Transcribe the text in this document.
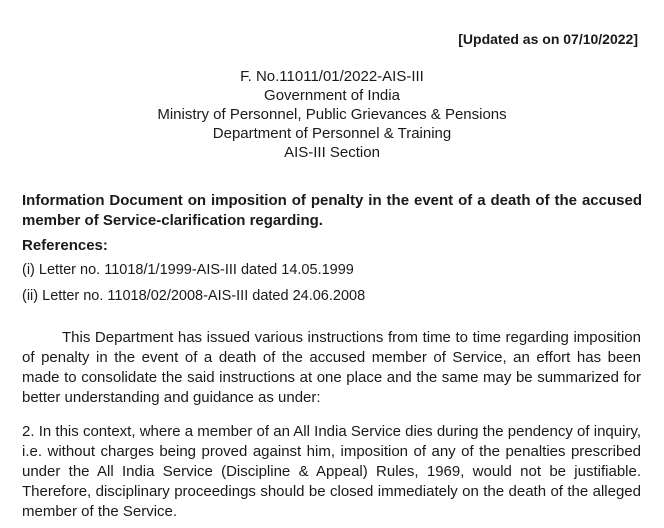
[Updated as on 07/10/2022]

F. No.11011/01/2022-AIS-III
Government of India
Ministry of Personnel, Public Grievances & Pensions
Department of Personnel & Training
AIS-III Section

Information Document on imposition of penalty in the event of a death of the accused member of Service-clarification regarding.

References:

(i) Letter no. 11018/1/1999-AIS-III dated 14.05.1999

(ii) Letter no. 11018/02/2008-AIS-III dated 24.06.2008

This Department has issued various instructions from time to time regarding imposition of penalty in the event of a death of the accused member of Service, an effort has been made to consolidate the said instructions at one place and the same may be summarized for better understanding and guidance as under:

2. In this context, where a member of an All India Service dies during the pendency of inquiry, i.e. without charges being proved against him, imposition of any of the penalties prescribed under the All India Service (Discipline & Appeal) Rules, 1969, would not be justifiable. Therefore, disciplinary proceedings should be closed immediately on the death of the alleged member of the Service.
